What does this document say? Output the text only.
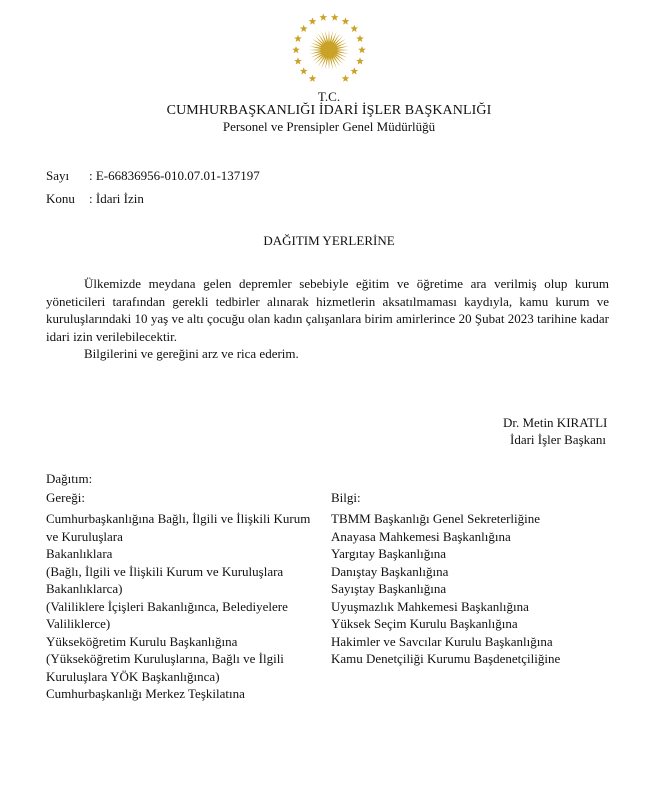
T.C.
CUMHURBAŞKANLIĞI İDARİ İŞLER BAŞKANLIĞI
Personel ve Prensipler Genel Müdürlüğü
Sayı : E-66836956-010.07.01-137197
Konu : İdari İzin
DAĞITIM YERLERİNE

Ülkemizde meydana gelen depremler sebebiyle eğitim ve öğretime ara verilmiş olup kurum yöneticileri tarafından gerekli tedbirler alınarak hizmetlerin aksatılmaması kaydıyla, kamu kurum ve kuruluşlarındaki 10 yaş ve altı çocuğu olan kadın çalışanlara birim amirlerince 20 Şubat 2023 tarihine kadar idari izin verilebilecektir.

Bilgilerini ve gereğini arz ve rica ederim.

Dr. Metin KIRATLI
İdari İşler Başkanı
Dağıtım:
Gereği:	Bilgi:
Cumhurbaşkanlığına Bağlı, İlgili ve İlişkili Kurum
ve Kuruluşlara
Bakanlıklara
(Bağlı, İlgili ve İlişkili Kurum ve Kuruluşlara
Bakanlıklarca)
(Valiliklere İçişleri Bakanlığınca, Belediyelere
Valiliklerce)
Yükseköğretim Kurulu Başkanlığına
(Yükseköğretim Kuruluşlarına, Bağlı ve İlgili
Kuruluşlara YÖK Başkanlığınca)
Cumhurbaşkanlığı Merkez Teşkilatına
TBMM Başkanlığı Genel Sekreterliğine
Anayasa Mahkemesi Başkanlığına
Yargıtay Başkanlığına
Danıştay Başkanlığına
Sayıştay Başkanlığına
Uyuşmazlık Mahkemesi Başkanlığına
Yüksek Seçim Kurulu Başkanlığına
Hakimler ve Savcılar Kurulu Başkanlığına
Kamu Denetçiliği Kurumu Başdenetçiliğine
